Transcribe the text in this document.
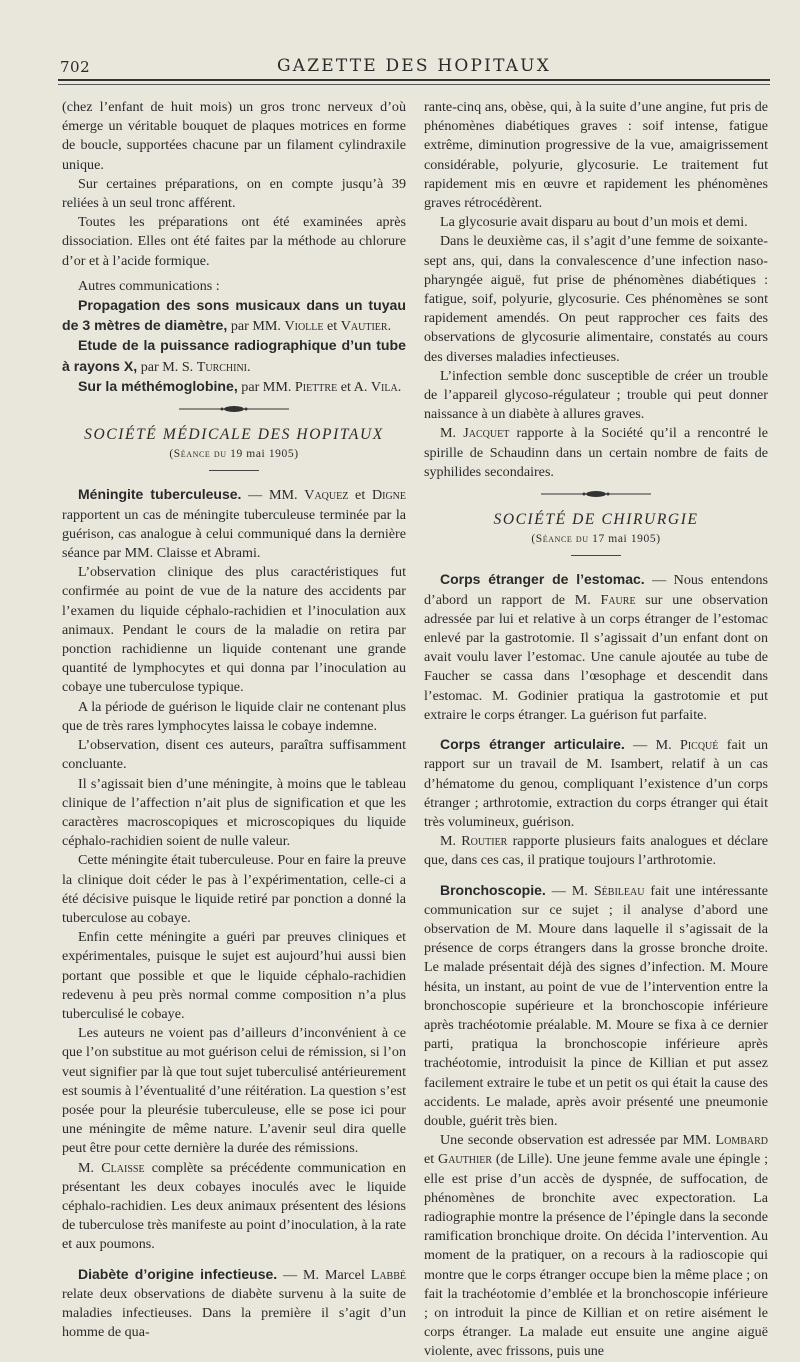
702	GAZETTE DES HOPITAUX

(chez l’enfant de huit mois) un gros tronc nerveux d’où émerge un véritable bouquet de plaques motrices en forme de boucle, supportées chacune par un filament cylindraxile unique.

Sur certaines préparations, on en compte jusqu’à 39 reliées à un seul tronc afférent.

Toutes les préparations ont été examinées après dissociation. Elles ont été faites par la méthode au chlorure d’or et à l’acide formique.

Autres communications :

Propagation des sons musicaux dans un tuyau de 3 mètres de diamètre, par MM. Violle et Vautier.

Etude de la puissance radiographique d’un tube à rayons X, par M. S. Turchini.

Sur la méthémoglobine, par MM. Piettre et A. Vila.

SOCIÉTÉ MÉDICALE DES HOPITAUX
(Séance du 19 mai 1905)

Méningite tuberculeuse. — MM. Vaquez et Digne rapportent un cas de méningite tuberculeuse terminée par la guérison, cas analogue à celui communiqué dans la dernière séance par MM. Claisse et Abrami.

L’observation clinique des plus caractéristiques fut confirmée au point de vue de la nature des accidents par l’examen du liquide céphalo-rachidien et l’inoculation aux animaux. Pendant le cours de la maladie on retira par ponction rachidienne un liquide contenant une grande quantité de lymphocytes et qui donna par l’inoculation au cobaye une tuberculose typique.

A la période de guérison le liquide clair ne contenant plus que de très rares lymphocytes laissa le cobaye indemne.

L’observation, disent ces auteurs, paraîtra suffisamment concluante.

Il s’agissait bien d’une méningite, à moins que le tableau clinique de l’affection n’ait plus de signification et que les caractères macroscopiques et microscopiques du liquide céphalo-rachidien soient de nulle valeur.

Cette méningite était tuberculeuse. Pour en faire la preuve la clinique doit céder le pas à l’expérimentation, celle-ci a été décisive puisque le liquide retiré par ponction a donné la tuberculose au cobaye.

Enfin cette méningite a guéri par preuves cliniques et expérimentales, puisque le sujet est aujourd’hui aussi bien portant que possible et que le liquide céphalo-rachidien redevenu à peu près normal comme composition n’a plus tuberculisé le cobaye.

Les auteurs ne voient pas d’ailleurs d’inconvénient à ce que l’on substitue au mot guérison celui de rémission, si l’on veut signifier par là que tout sujet tuberculisé antérieurement est soumis à l’éventualité d’une réitération. La question s’est posée pour la pleurésie tuberculeuse, elle se pose ici pour une méningite de même nature. L’avenir seul dira quelle peut être pour cette dernière la durée des rémissions.

M. Claisse complète sa précédente communication en présentant les deux cobayes inoculés avec le liquide céphalo-rachidien. Les deux animaux présentent des lésions de tuberculose très manifeste au point d’inoculation, à la rate et aux poumons.

Diabète d’origine infectieuse. — M. Marcel Labbé relate deux observations de diabète survenu à la suite de maladies infectieuses. Dans la première il s’agit d’un homme de qua-

rante-cinq ans, obèse, qui, à la suite d’une angine, fut pris de phénomènes diabétiques graves : soif intense, fatigue extrême, diminution progressive de la vue, amaigrissement considérable, polyurie, glycosurie. Le traitement fut rapidement mis en œuvre et rapidement les phénomènes graves rétrocédèrent.

La glycosurie avait disparu au bout d’un mois et demi.

Dans le deuxième cas, il s’agit d’une femme de soixante-sept ans, qui, dans la convalescence d’une infection naso-pharyngée aiguë, fut prise de phénomènes diabétiques : fatigue, soif, polyurie, glycosurie. Ces phénomènes se sont rapidement amendés. On peut rapprocher ces faits des observations de glycosurie alimentaire, constatés au cours des diverses maladies infectieuses.

L’infection semble donc susceptible de créer un trouble de l’appareil glycoso-régulateur ; trouble qui peut donner naissance à un diabète à allures graves.

M. Jacquet rapporte à la Société qu’il a rencontré le spirille de Schaudinn dans un certain nombre de faits de syphilides secondaires.

SOCIÉTÉ DE CHIRURGIE
(Séance du 17 mai 1905)

Corps étranger de l’estomac. — Nous entendons d’abord un rapport de M. Faure sur une observation adressée par lui et relative à un corps étranger de l’estomac enlevé par la gastrotomie. Il s’agissait d’un enfant dont on avait voulu laver l’estomac. Une canule ajoutée au tube de Faucher se cassa dans l’œsophage et descendit dans l’estomac. M. Godinier pratiqua la gastrotomie et put extraire le corps étranger. La guérison fut parfaite.

Corps étranger articulaire. — M. Picqué fait un rapport sur un travail de M. Isambert, relatif à un cas d’hématome du genou, compliquant l’existence d’un corps étranger ; arthrotomie, extraction du corps étranger qui était très volumineux, guérison.

M. Routier rapporte plusieurs faits analogues et déclare que, dans ces cas, il pratique toujours l’arthrotomie.

Bronchoscopie. — M. Sébileau fait une intéressante communication sur ce sujet ; il analyse d’abord une observation de M. Moure dans laquelle il s’agissait de la présence de corps étrangers dans la grosse bronche droite. Le malade présentait déjà des signes d’infection. M. Moure hésita, un instant, au point de vue de l’intervention entre la bronchoscopie supérieure et la bronchoscopie inférieure après trachéotomie préalable. M. Moure se fixa à ce dernier parti, pratiqua la bronchoscopie inférieure après trachéotomie, introduisit la pince de Killian et put assez facilement extraire le tube et un petit os qui était la cause des accidents. Le malade, après avoir présenté une pneumonie double, guérit très bien.

Une seconde observation est adressée par MM. Lombard et Gauthier (de Lille). Une jeune femme avale une épingle ; elle est prise d’un accès de dyspnée, de suffocation, de phénomènes de bronchite avec expectoration. La radiographie montre la présence de l’épingle dans la seconde ramification bronchique droite. On décida l’intervention. Au moment de la pratiquer, on a recours à la radioscopie qui montre que le corps étranger occupe bien la même place ; on fait la trachéotomie d’emblée et la bronchoscopie inférieure ; on introduit la pince de Killian et on retire aisément le corps étranger. La malade eut ensuite une angine aiguë violente, avec frissons, puis une
